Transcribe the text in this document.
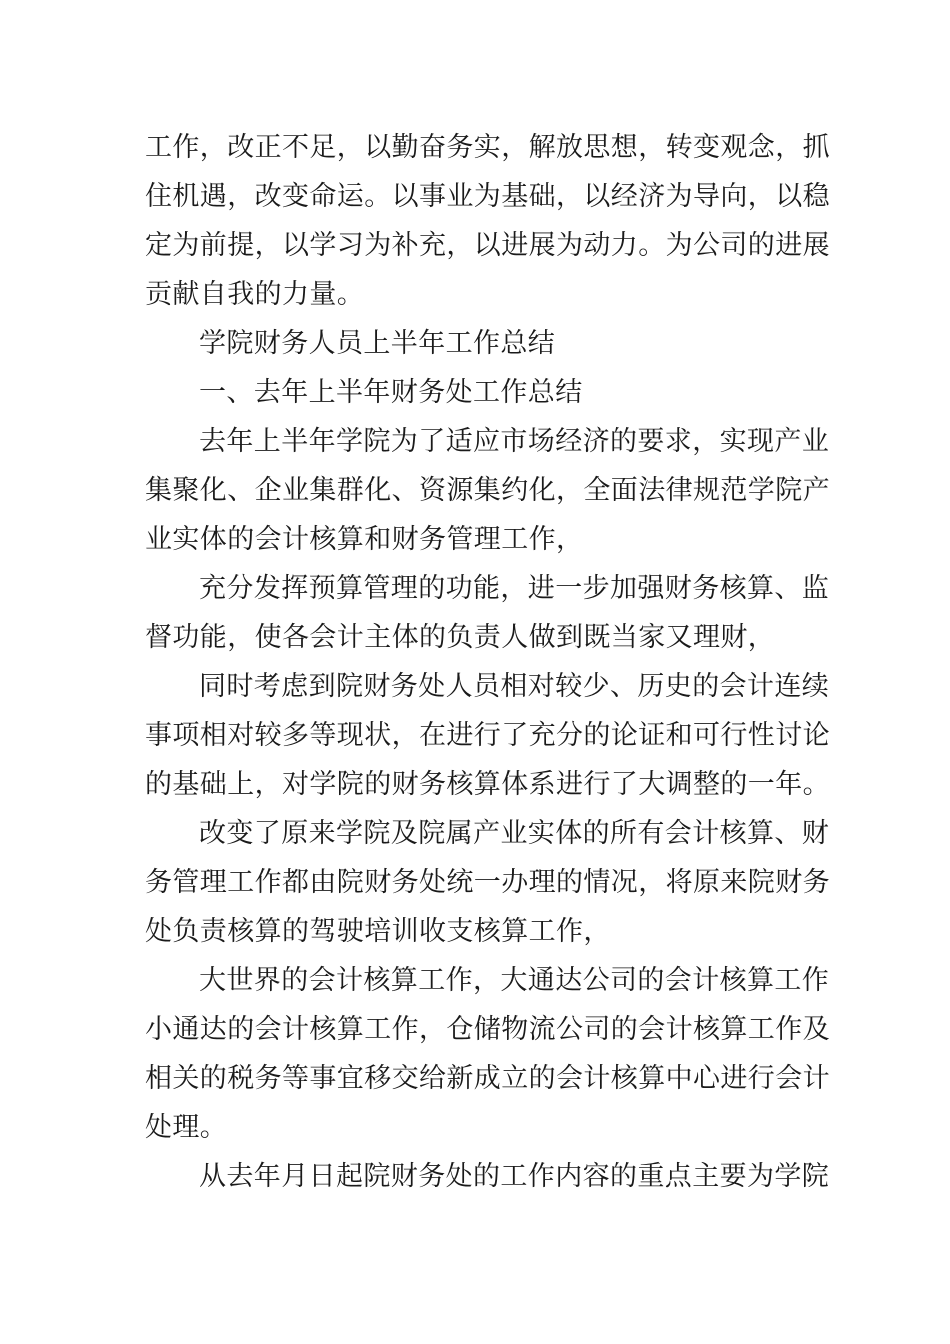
工作，改正不足，以勤奋务实，解放思想，转变观念，抓
住机遇，改变命运。以事业为基础，以经济为导向，以稳
定为前提，以学习为补充，以进展为动力。为公司的进展
贡献自我的力量。

学院财务人员上半年工作总结

一、去年上半年财务处工作总结

去年上半年学院为了适应市场经济的要求，实现产业
集聚化、企业集群化、资源集约化，全面法律规范学院产
业实体的会计核算和财务管理工作，

充分发挥预算管理的功能，进一步加强财务核算、监
督功能，使各会计主体的负责人做到既当家又理财，

同时考虑到院财务处人员相对较少、历史的会计连续
事项相对较多等现状，在进行了充分的论证和可行性讨论
的基础上，对学院的财务核算体系进行了大调整的一年。

改变了原来学院及院属产业实体的所有会计核算、财
务管理工作都由院财务处统一办理的情况，将原来院财务
处负责核算的驾驶培训收支核算工作，

大世界的会计核算工作，大通达公司的会计核算工作
小通达的会计核算工作，仓储物流公司的会计核算工作及
相关的税务等事宜移交给新成立的会计核算中心进行会计
处理。

从去年月日起院财务处的工作内容的重点主要为学院
